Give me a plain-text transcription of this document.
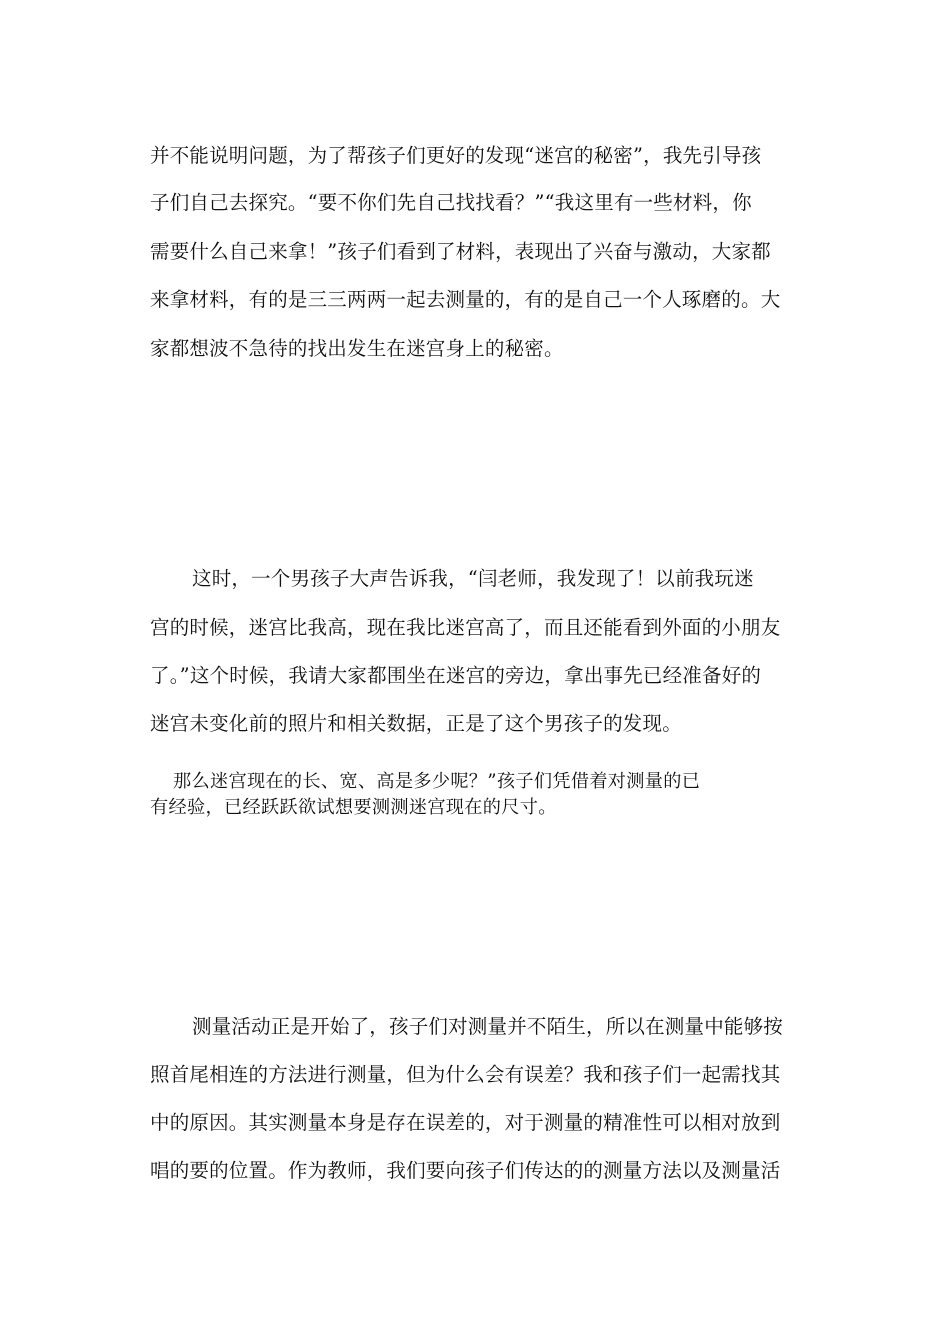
并不能说明问题，为了帮孩子们更好的发现“迷宫的秘密”，我先引导孩
子们自己去探究。“要不你们先自己找找看？”“我这里有一些材料，你
需要什么自己来拿！”孩子们看到了材料，表现出了兴奋与激动，大家都
来拿材料，有的是三三两两一起去测量的，有的是自己一个人琢磨的。大
家都想波不急待的找出发生在迷宫身上的秘密。
这时，一个男孩子大声告诉我，“闫老师，我发现了！以前我玩迷
宫的时候，迷宫比我高，现在我比迷宫高了，而且还能看到外面的小朋友
了。”这个时候，我请大家都围坐在迷宫的旁边，拿出事先已经准备好的
迷宫未变化前的照片和相关数据，正是了这个男孩子的发现。
那么迷宫现在的长、宽、高是多少呢？”孩子们凭借着对测量的已
有经验，已经跃跃欲试想要测测迷宫现在的尺寸。
测量活动正是开始了，孩子们对测量并不陌生，所以在测量中能够按
照首尾相连的方法进行测量，但为什么会有误差？我和孩子们一起需找其
中的原因。其实测量本身是存在误差的，对于测量的精准性可以相对放到
唱的要的位置。作为教师，我们要向孩子们传达的的测量方法以及测量活
